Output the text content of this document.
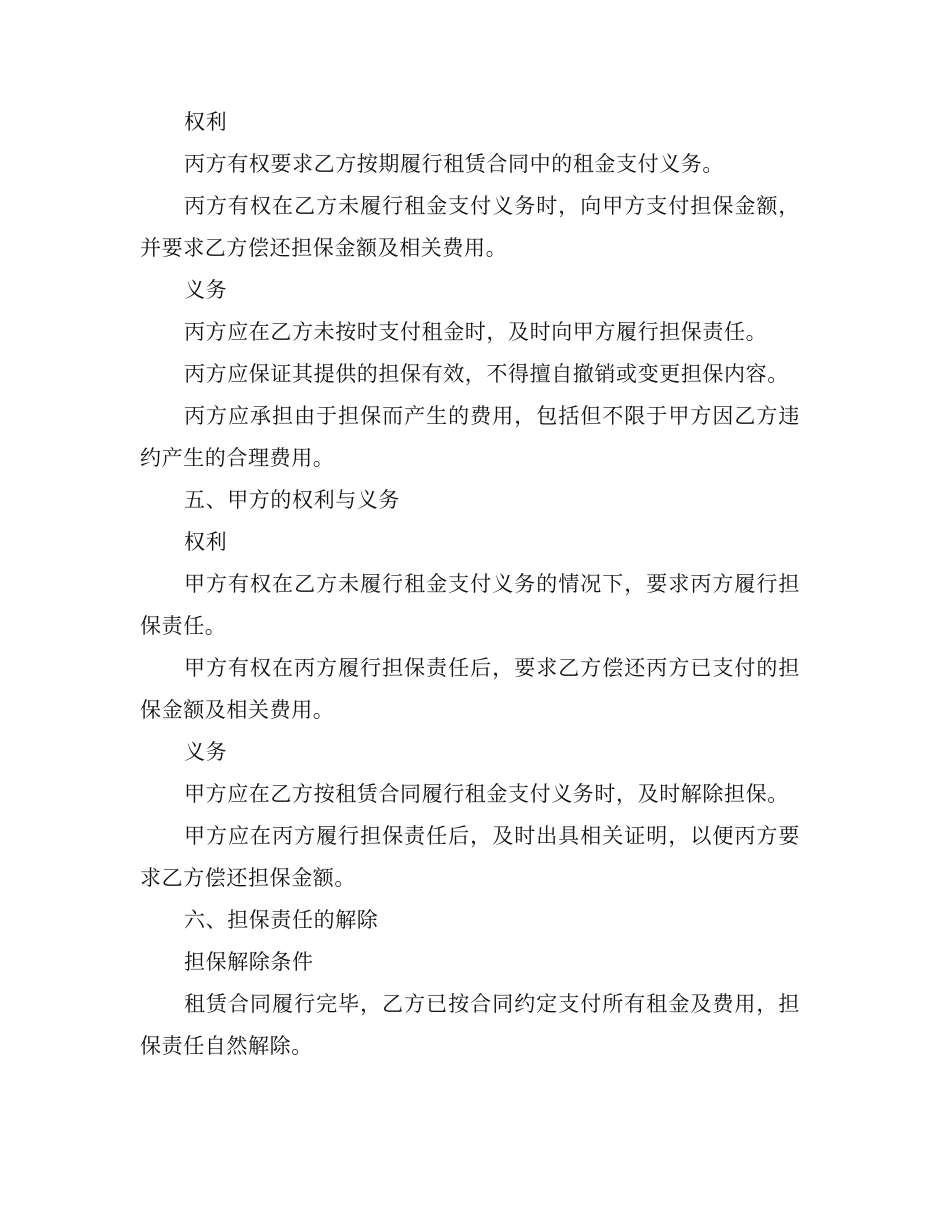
权利

丙方有权要求乙方按期履行租赁合同中的租金支付义务。

丙方有权在乙方未履行租金支付义务时，向甲方支付担保金额，并要求乙方偿还担保金额及相关费用。

义务

丙方应在乙方未按时支付租金时，及时向甲方履行担保责任。

丙方应保证其提供的担保有效，不得擅自撤销或变更担保内容。

丙方应承担由于担保而产生的费用，包括但不限于甲方因乙方违约产生的合理费用。

五、甲方的权利与义务

权利

甲方有权在乙方未履行租金支付义务的情况下，要求丙方履行担保责任。

甲方有权在丙方履行担保责任后，要求乙方偿还丙方已支付的担保金额及相关费用。

义务

甲方应在乙方按租赁合同履行租金支付义务时，及时解除担保。

甲方应在丙方履行担保责任后，及时出具相关证明，以便丙方要求乙方偿还担保金额。

六、担保责任的解除

担保解除条件

租赁合同履行完毕，乙方已按合同约定支付所有租金及费用，担保责任自然解除。
